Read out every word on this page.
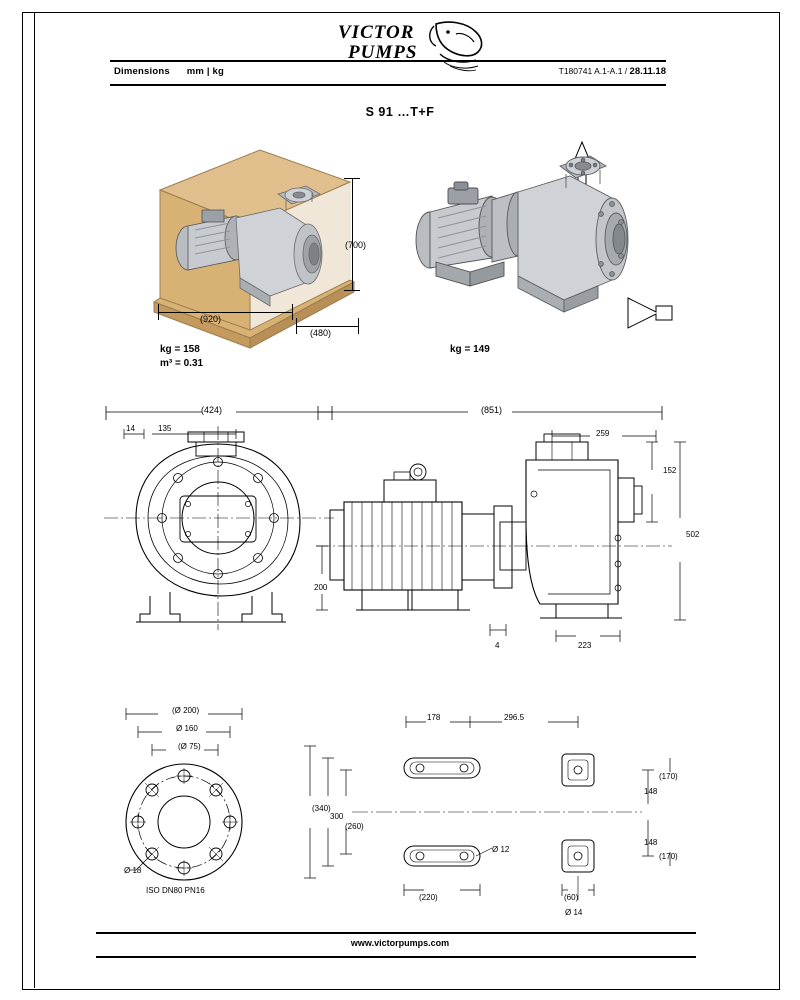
Dimensions mm | kg	T180741 A.1-A.1 / 28.11.18
VICTOR
PUMPS
S 91 …T+F
(700)
(920)
(480)
kg = 158
m³ = 0.31
kg = 149
(424)
14	135
(851)
259
152
502
200
4	223
(Ø 200)
Ø 160
(Ø 75)
Ø 18
ISO DN80 PN16
178	296.5
(170)
148
(340)
300
(260)
148
(170)
(220)	(60)
Ø 12
Ø 14
www.victorpumps.com
